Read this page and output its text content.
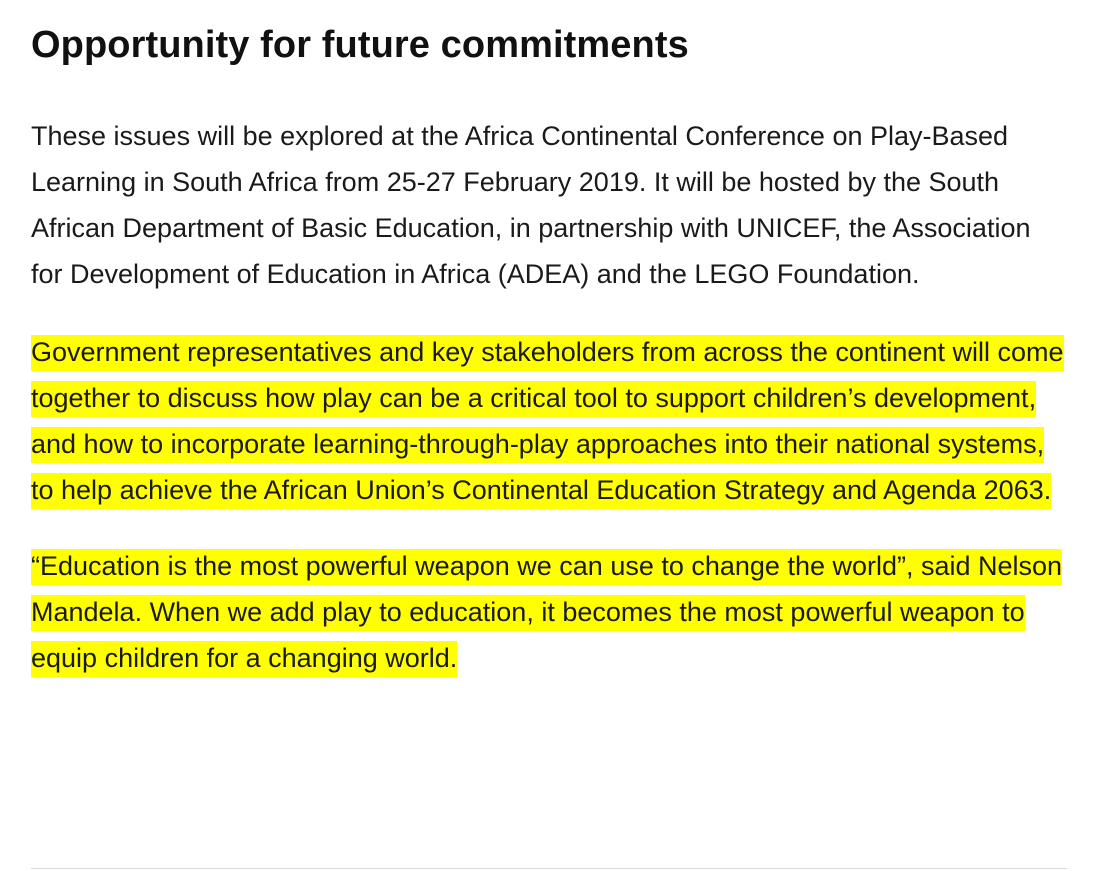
Opportunity for future commitments

These issues will be explored at the Africa Continental Conference on Play-Based Learning in South Africa from 25-27 February 2019. It will be hosted by the South African Department of Basic Education, in partnership with UNICEF, the Association for Development of Education in Africa (ADEA) and the LEGO Foundation.

Government representatives and key stakeholders from across the continent will come together to discuss how play can be a critical tool to support children’s development, and how to incorporate learning-through-play approaches into their national systems, to help achieve the African Union’s Continental Education Strategy and Agenda 2063.

“Education is the most powerful weapon we can use to change the world”, said Nelson Mandela. When we add play to education, it becomes the most powerful weapon to equip children for a changing world.
